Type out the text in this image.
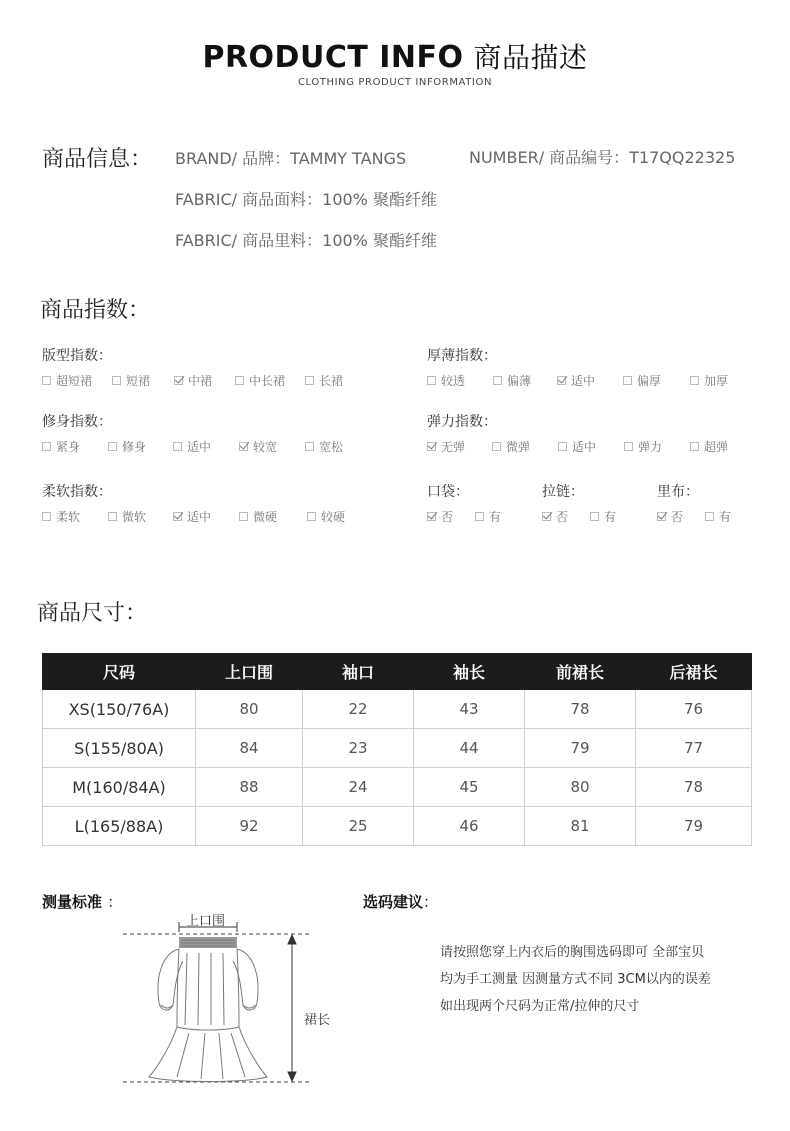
PRODUCT INFO 商品描述
CLOTHING PRODUCT INFORMATION
商品信息： BRAND/ 品牌：TAMMY TANGS	NUMBER/ 商品编号：T17QQ22325
FABRIC/ 商品面料：100% 聚酯纤维
FABRIC/ 商品里料：100% 聚酯纤维
商品指数：
版型指数：
超短裙	短裙	中裙	中长裙	长裙
厚薄指数：
较透	偏薄	适中	偏厚	加厚
修身指数：
紧身	修身	适中	较宽	宽松
弹力指数：
无弹	微弹	适中	弹力	超弹
柔软指数：
柔软	微软	适中	微硬	较硬
口袋：
否	有
拉链：
否	有
里布：
否	有
商品尺寸：
尺码	上口围	袖口	袖长	前裙长	后裙长
XS(150/76A)	80	22	43	78	76
S(155/80A)	84	23	44	79	77
M(160/84A)	88	24	45	80	78
L(165/88A)	92	25	46	81	79
测量标准 ：
上口围
裙长
选码建议：
请按照您穿上内衣后的胸围选码即可 全部宝贝
均为手工测量 因测量方式不同 3CM以内的误差
如出现两个尺码为正常/拉伸的尺寸
